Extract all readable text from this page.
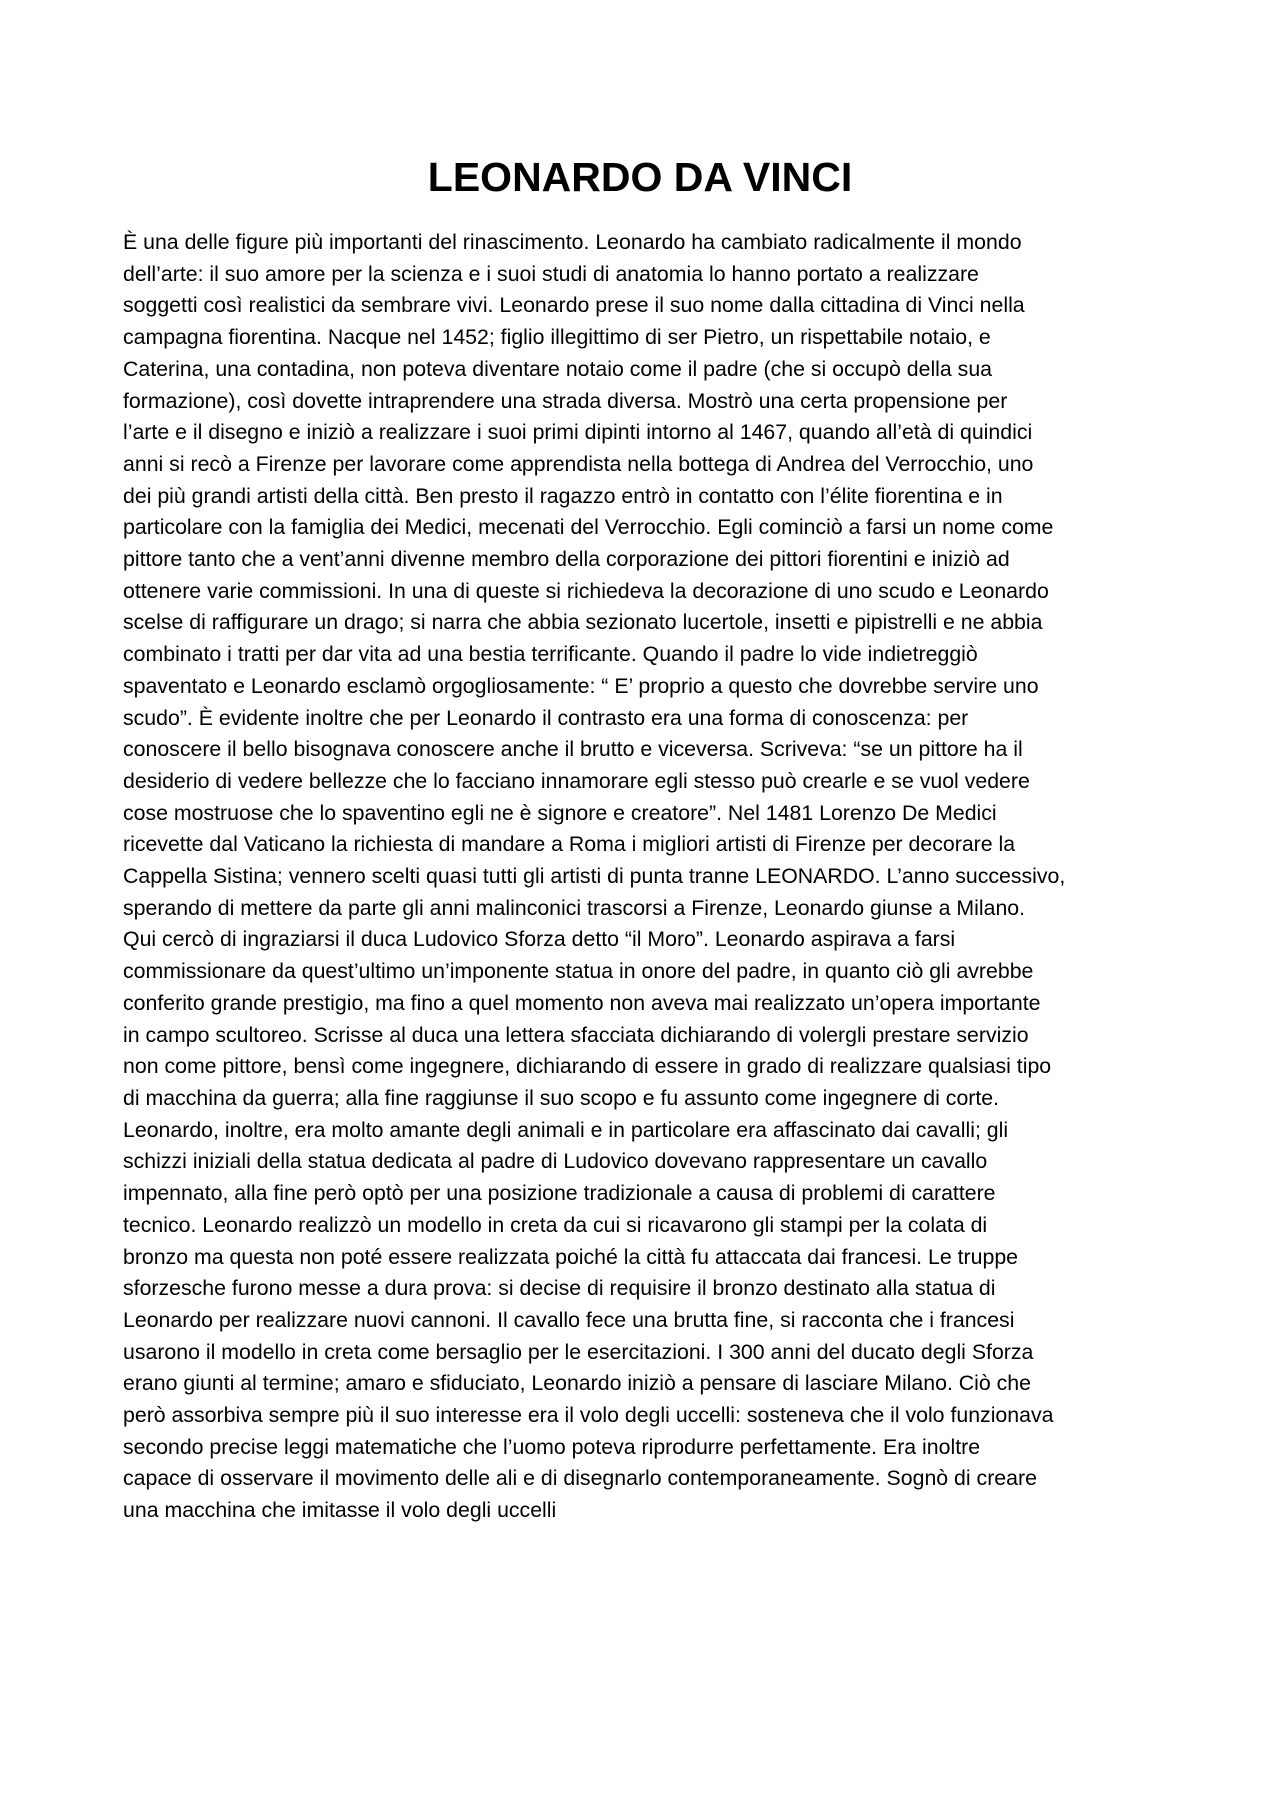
LEONARDO DA VINCI
È una delle figure più importanti del rinascimento. Leonardo ha cambiato radicalmente il mondo
dell’arte: il suo amore per la scienza e i suoi studi di anatomia lo hanno portato a realizzare
soggetti così realistici da sembrare vivi. Leonardo prese il suo nome dalla cittadina di Vinci nella
campagna fiorentina. Nacque nel 1452; figlio illegittimo di ser Pietro, un rispettabile notaio, e
Caterina, una contadina, non poteva diventare notaio come il padre (che si occupò della sua
formazione), così dovette intraprendere una strada diversa. Mostrò una certa propensione per
l’arte e il disegno e iniziò a realizzare i suoi primi dipinti intorno al 1467, quando all’età di quindici
anni si recò a Firenze per lavorare come apprendista nella bottega di Andrea del Verrocchio, uno
dei più grandi artisti della città. Ben presto il ragazzo entrò in contatto con l’élite fiorentina e in
particolare con la famiglia dei Medici, mecenati del Verrocchio. Egli cominciò a farsi un nome come
pittore tanto che a vent’anni divenne membro della corporazione dei pittori fiorentini e iniziò ad
ottenere varie commissioni. In una di queste si richiedeva la decorazione di uno scudo e Leonardo
scelse di raffigurare un drago; si narra che abbia sezionato lucertole, insetti e pipistrelli e ne abbia
combinato i tratti per dar vita ad una bestia terrificante. Quando il padre lo vide indietreggiò
spaventato e Leonardo esclamò orgogliosamente: “ E’ proprio a questo che dovrebbe servire uno
scudo”. È evidente inoltre che per Leonardo il contrasto era una forma di conoscenza: per
conoscere il bello bisognava conoscere anche il brutto e viceversa. Scriveva: “se un pittore ha il
desiderio di vedere bellezze che lo facciano innamorare egli stesso può crearle e se vuol vedere
cose mostruose che lo spaventino egli ne è signore e creatore”. Nel 1481 Lorenzo De Medici
ricevette dal Vaticano la richiesta di mandare a Roma i migliori artisti di Firenze per decorare la
Cappella Sistina; vennero scelti quasi tutti gli artisti di punta tranne LEONARDO. L’anno successivo,
sperando di mettere da parte gli anni malinconici trascorsi a Firenze, Leonardo giunse a Milano.
Qui cercò di ingraziarsi il duca Ludovico Sforza detto “il Moro”. Leonardo aspirava a farsi
commissionare da quest’ultimo un’imponente statua in onore del padre, in quanto ciò gli avrebbe
conferito grande prestigio, ma fino a quel momento non aveva mai realizzato un’opera importante
in campo scultoreo. Scrisse al duca una lettera sfacciata dichiarando di volergli prestare servizio
non come pittore, bensì come ingegnere, dichiarando di essere in grado di realizzare qualsiasi tipo
di macchina da guerra; alla fine raggiunse il suo scopo e fu assunto come ingegnere di corte.
Leonardo, inoltre, era molto amante degli animali e in particolare era affascinato dai cavalli; gli
schizzi iniziali della statua dedicata al padre di Ludovico dovevano rappresentare un cavallo
impennato, alla fine però optò per una posizione tradizionale a causa di problemi di carattere
tecnico. Leonardo realizzò un modello in creta da cui si ricavarono gli stampi per la colata di
bronzo ma questa non poté essere realizzata poiché la città fu attaccata dai francesi. Le truppe
sforzesche furono messe a dura prova: si decise di requisire il bronzo destinato alla statua di
Leonardo per realizzare nuovi cannoni. Il cavallo fece una brutta fine, si racconta che i francesi
usarono il modello in creta come bersaglio per le esercitazioni. I 300 anni del ducato degli Sforza
erano giunti al termine; amaro e sfiduciato, Leonardo iniziò a pensare di lasciare Milano. Ciò che
però assorbiva sempre più il suo interesse era il volo degli uccelli: sosteneva che il volo funzionava
secondo precise leggi matematiche che l’uomo poteva riprodurre perfettamente. Era inoltre
capace di osservare il movimento delle ali e di disegnarlo contemporaneamente. Sognò di creare
una macchina che imitasse il volo degli uccelli
